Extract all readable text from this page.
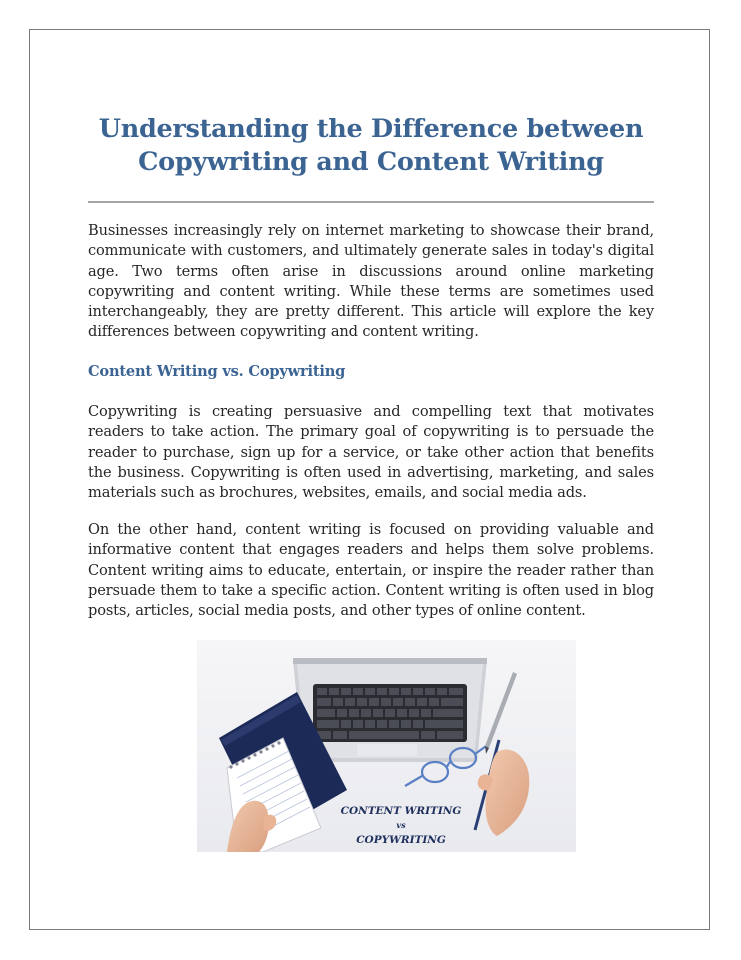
Understanding the Difference between
Copywriting and Content Writing

Businesses increasingly rely on internet marketing to showcase their brand, communicate with customers, and ultimately generate sales in today's digital age. Two terms often arise in discussions around online marketing copywriting and content writing. While these terms are sometimes used interchangeably, they are pretty different. This article will explore the key differences between copywriting and content writing.

Content Writing vs. Copywriting

Copywriting is creating persuasive and compelling text that motivates readers to take action. The primary goal of copywriting is to persuade the reader to purchase, sign up for a service, or take other action that benefits the business. Copywriting is often used in advertising, marketing, and sales materials such as brochures, websites, emails, and social media ads.

On the other hand, content writing is focused on providing valuable and informative content that engages readers and helps them solve problems. Content writing aims to educate, entertain, or inspire the reader rather than persuade them to take a specific action. Content writing is often used in blog posts, articles, social media posts, and other types of online content.

CONTENT WRITING
vs
COPYWRITING
